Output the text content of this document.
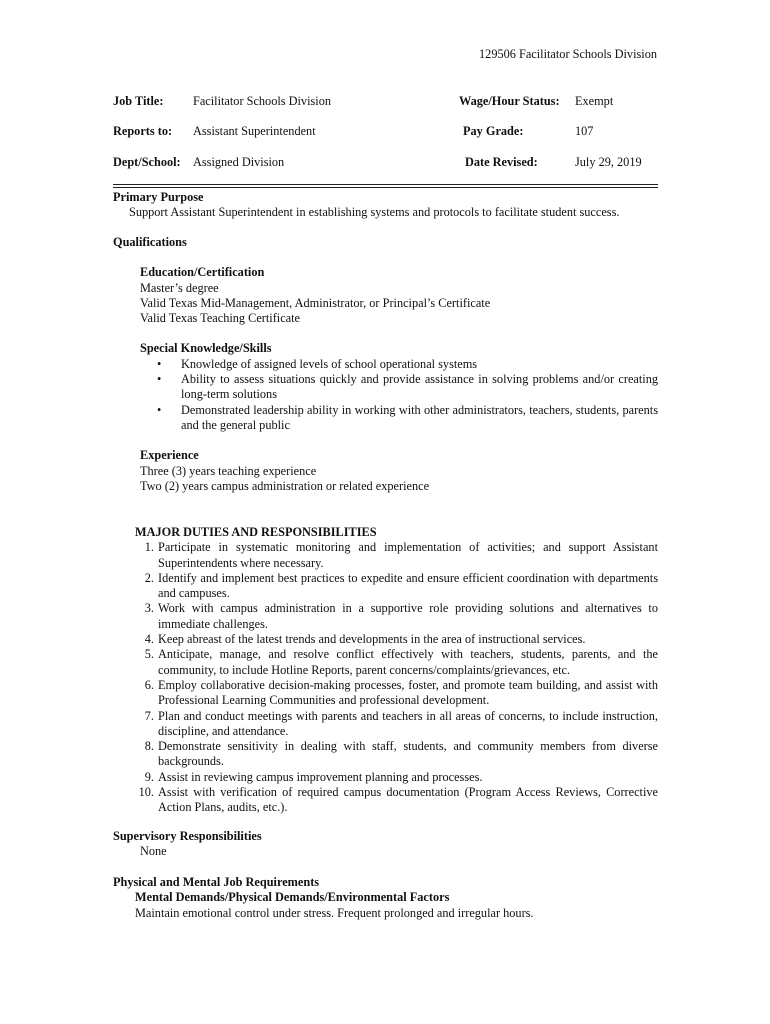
129506 Facilitator Schools Division
Job Title: Facilitator Schools Division	Wage/Hour Status: Exempt
Reports to: Assistant Superintendent	Pay Grade:	107
Dept/School: Assigned Division	Date Revised:	July 29, 2019
Primary Purpose
Support Assistant Superintendent in establishing systems and protocols to facilitate student success.
Qualifications
Education/Certification
Master’s degree
Valid Texas Mid-Management, Administrator, or Principal’s Certificate
Valid Texas Teaching Certificate
Special Knowledge/Skills
• Knowledge of assigned levels of school operational systems
• Ability to assess situations quickly and provide assistance in solving problems and/or creating long-term solutions
• Demonstrated leadership ability in working with other administrators, teachers, students, parents and the general public
Experience
Three (3) years teaching experience
Two (2) years campus administration or related experience
MAJOR DUTIES AND RESPONSIBILITIES
1. Participate in systematic monitoring and implementation of activities; and support Assistant Superintendents where necessary.
2. Identify and implement best practices to expedite and ensure efficient coordination with departments and campuses.
3. Work with campus administration in a supportive role providing solutions and alternatives to immediate challenges.
4. Keep abreast of the latest trends and developments in the area of instructional services.
5. Anticipate, manage, and resolve conflict effectively with teachers, students, parents, and the community, to include Hotline Reports, parent concerns/complaints/grievances, etc.
6. Employ collaborative decision-making processes, foster, and promote team building, and assist with Professional Learning Communities and professional development.
7. Plan and conduct meetings with parents and teachers in all areas of concerns, to include instruction, discipline, and attendance.
8. Demonstrate sensitivity in dealing with staff, students, and community members from diverse backgrounds.
9. Assist in reviewing campus improvement planning and processes.
10. Assist with verification of required campus documentation (Program Access Reviews, Corrective Action Plans, audits, etc.).
Supervisory Responsibilities
None
Physical and Mental Job Requirements
Mental Demands/Physical Demands/Environmental Factors
Maintain emotional control under stress. Frequent prolonged and irregular hours.
